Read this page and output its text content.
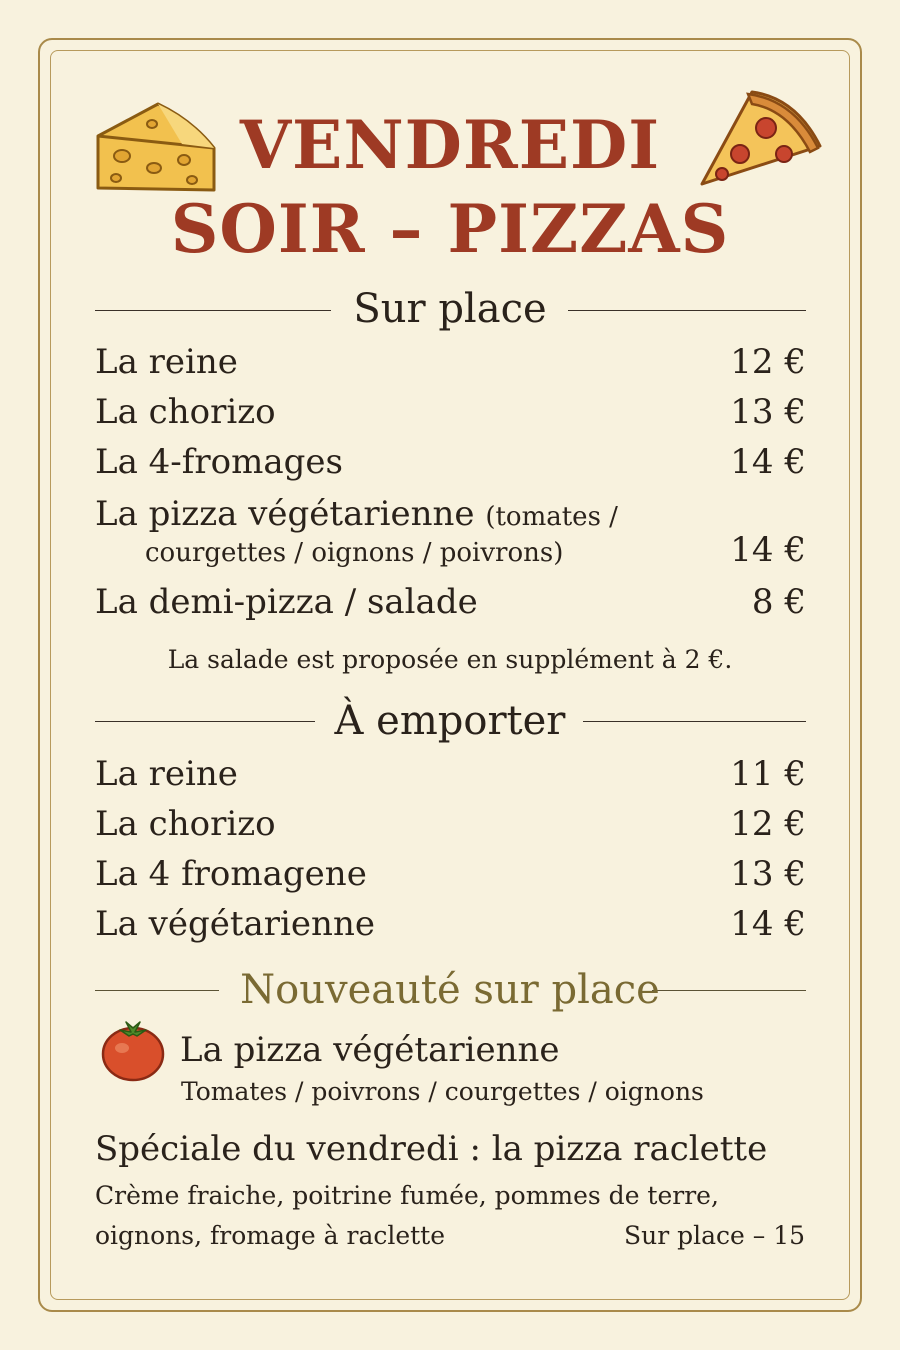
VENDREDI
SOIR – PIZZAS
Sur place
La reine	12 €
La chorizo	13 €
La 4-fromages	14 €
La pizza végétarienne (tomates /
courgettes / oignons / poivrons)	14 €
La demi-pizza / salade	8 €
La salade est proposée en supplément à 2 €.
À emporter
La reine	11 €
La chorizo	12 €
La 4 fromagene	13 €
La végétarienne	14 €
Nouveauté sur place
La pizza végétarienne
Tomates / poivrons / courgettes / oignons
Spéciale du vendredi : la pizza raclette
Crème fraiche, poitrine fumée, pommes de terre,
oignons, fromage à raclette	Sur place – 15
